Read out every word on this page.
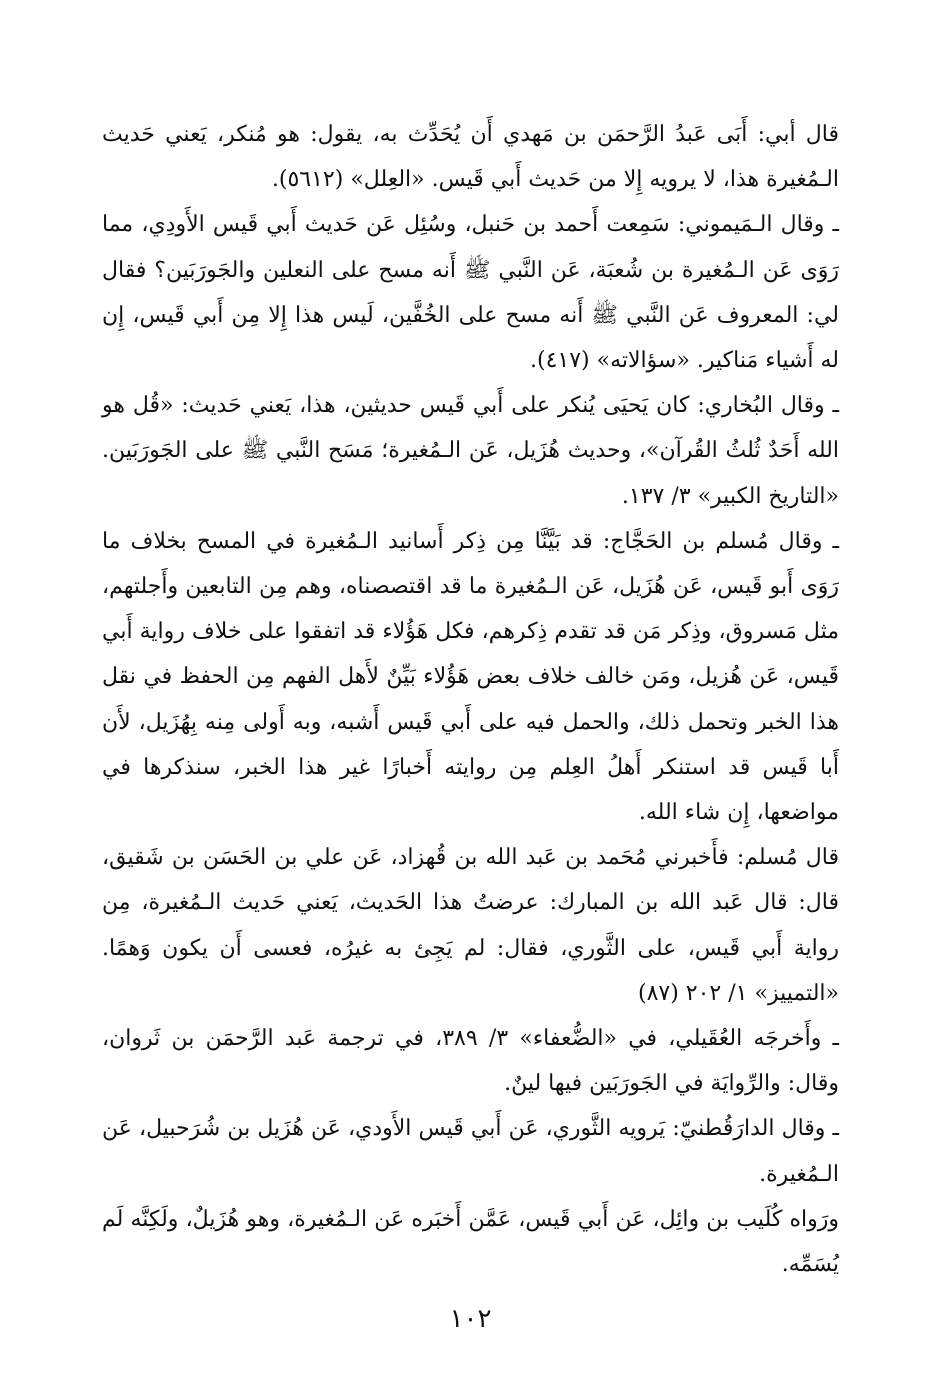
قال أبي: أَبَى عَبدُ الرَّحمَن بن مَهدي أَن يُحَدِّث به، يقول: هو مُنكر، يَعني حَديث الـمُغيرة هذا، لا يرويه إِلا من حَديث أَبي قَيس. «العِلل» (٥٦١٢).

ـ وقال الـمَيموني: سَمِعت أَحمد بن حَنبل، وسُئِل عَن حَديث أَبي قَيس الأَودِي، مما رَوَى عَن الـمُغيرة بن شُعبَة، عَن النَّبي ﷺ أَنه مسح على النعلين والجَورَبَين؟ فقال لي: المعروف عَن النَّبي ﷺ أَنه مسح على الخُفَّين، لَيس هذا إِلا مِن أَبي قَيس، إِن له أَشياء مَناكير. «سؤالاته» (٤١٧).

ـ وقال البُخاري: كان يَحيَى يُنكر على أَبي قَيس حديثين، هذا، يَعني حَديث: «قُل هو الله أَحَدٌ ثُلثُ القُرآن»، وحديث هُزَيل، عَن الـمُغيرة؛ مَسَح النَّبي ﷺ على الجَورَبَين. «التاريخ الكبير» ٣/ ١٣٧.

ـ وقال مُسلم بن الحَجَّاج: قد بَيَّنَّا مِن ذِكر أَسانيد الـمُغيرة في المسح بخلاف ما رَوَى أَبو قَيس، عَن هُزَيل، عَن الـمُغيرة ما قد اقتصصناه، وهم مِن التابعين وأَجلتهم، مثل مَسروق، وذِكر مَن قد تقدم ذِكرهم، فكل هَؤُلاء قد اتفقوا على خلاف رواية أَبي قَيس، عَن هُزيل، ومَن خالف خلاف بعض هَؤُلاء بَيِّنٌ لأَهل الفهم مِن الحفظ في نقل هذا الخبر وتحمل ذلك، والحمل فيه على أَبي قَيس أَشبه، وبه أَولى مِنه بِهُزَيل، لأَن أَبا قَيس قد استنكر أَهلُ العِلم مِن روايته أَخبارًا غير هذا الخبر، سنذكرها في مواضعها، إِن شاء الله.

قال مُسلم: فأَخبرني مُحَمد بن عَبد الله بن قُهزاد، عَن علي بن الحَسَن بن شَقيق، قال: قال عَبد الله بن المبارك: عرضتُ هذا الحَديث، يَعني حَديث الـمُغيرة، مِن رواية أَبي قَيس، على الثَّوري، فقال: لم يَجِئ به غيرُه، فعسى أَن يكون وَهمًا. «التمييز» ١/ ٢٠٢ (٨٧)

ـ وأَخرجَه العُقَيلي، في «الضُّعفاء» ٣/ ٣٨٩، في ترجمة عَبد الرَّحمَن بن ثَروان، وقال: والرِّوايَة في الجَورَبَين فيها لينٌ.

ـ وقال الدارَقُطنيّ: يَرويه الثَّوري، عَن أَبي قَيس الأَودي، عَن هُزَيل بن شُرَحبيل، عَن الـمُغيرة.

ورَواه كُلَيب بن وائِل، عَن أَبي قَيس، عَمَّن أَخبَره عَن الـمُغيرة، وهو هُزَيلٌ، ولَكِنَّه لَم يُسَمِّه.

١٠٢
